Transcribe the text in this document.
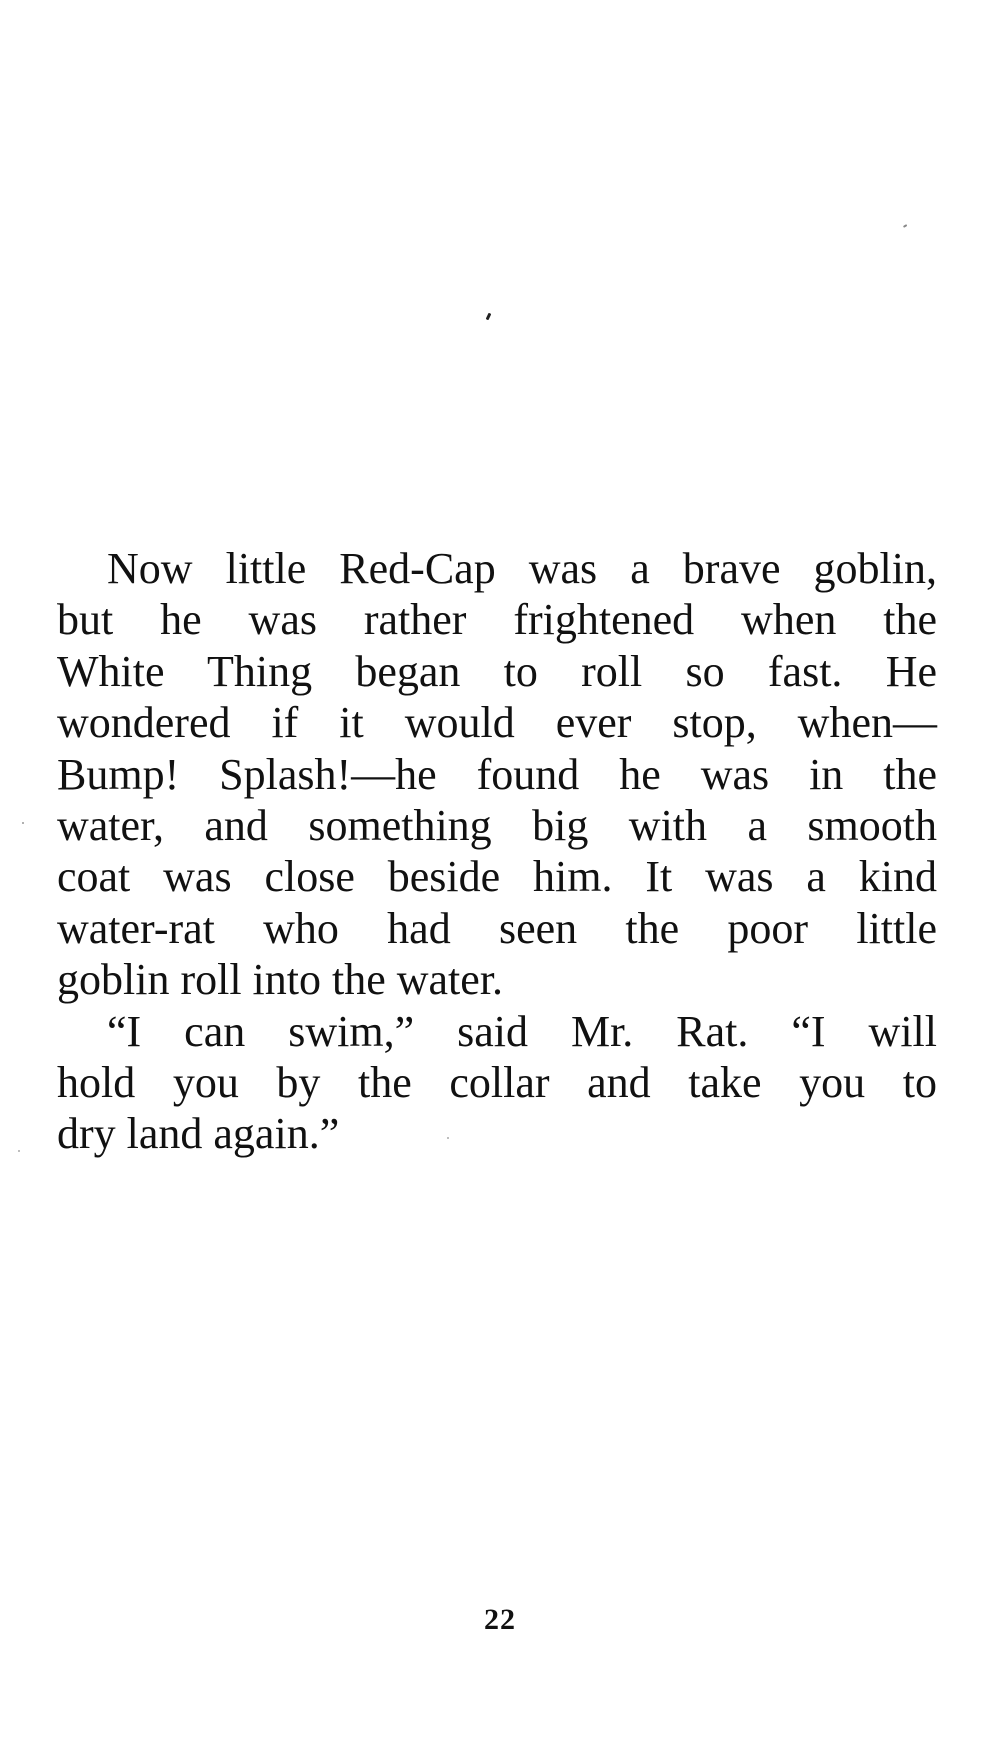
Now little Red-Cap was a brave goblin,
but he was rather frightened when the
White Thing began to roll so fast. He
wondered if it would ever stop, when—
Bump! Splash!—he found he was in the
water, and something big with a smooth
coat was close beside him. It was a kind
water-rat who had seen the poor little
goblin roll into the water.
“I can swim,” said Mr. Rat. “I will
hold you by the collar and take you to
dry land again.”
22
